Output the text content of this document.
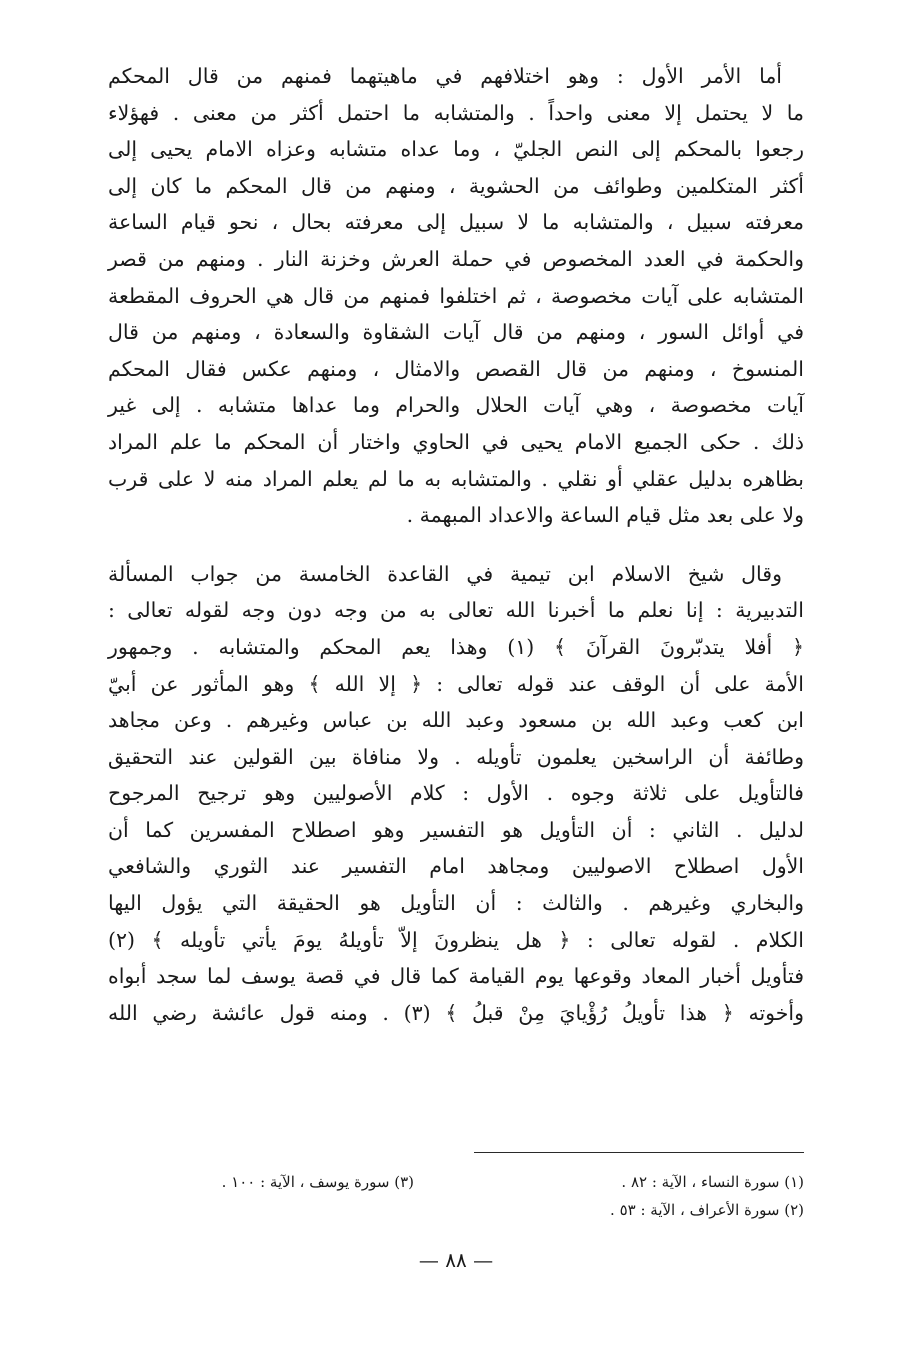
أما الأمر الأول : وهو اختلافهم في ماهيتهما فمنهم من قال المحكم
ما لا يحتمل إلا معنى واحداً . والمتشابه ما احتمل أكثر من معنى . فهؤلاء
رجعوا بالمحكم إلى النص الجليّ ، وما عداه متشابه وعزاه الامام يحيى إلى
أكثر المتكلمين وطوائف من الحشوية ، ومنهم من قال المحكم ما كان إلى
معرفته سبيل ، والمتشابه ما لا سبيل إلى معرفته بحال ، نحو قيام الساعة
والحكمة في العدد المخصوص في حملة العرش وخزنة النار . ومنهم من قصر
المتشابه على آيات مخصوصة ، ثم اختلفوا فمنهم من قال هي الحروف المقطعة
في أوائل السور ، ومنهم من قال آيات الشقاوة والسعادة ، ومنهم من قال
المنسوخ ، ومنهم من قال القصص والامثال ، ومنهم عكس فقال المحكم
آيات مخصوصة ، وهي آيات الحلال والحرام وما عداها متشابه . إلى غير
ذلك . حكى الجميع الامام يحيى في الحاوي واختار أن المحكم ما علم المراد
بظاهره بدليل عقلي أو نقلي . والمتشابه به ما لم يعلم المراد منه لا على قرب
ولا على بعد مثل قيام الساعة والاعداد المبهمة .
وقال شيخ الاسلام ابن تيمية في القاعدة الخامسة من جواب المسألة
التدبيرية : إنا نعلم ما أخبرنا الله تعالى به من وجه دون وجه لقوله تعالى :
﴿ أفلا يتدبّرونَ القرآنَ ﴾ (١) وهذا يعم المحكم والمتشابه . وجمهور
الأمة على أن الوقف عند قوله تعالى : ﴿ إلا الله ﴾ وهو المأثور عن أبيّ
ابن كعب وعبد الله بن مسعود وعبد الله بن عباس وغيرهم . وعن مجاهد
وطائفة أن الراسخين يعلمون تأويله . ولا منافاة بين القولين عند التحقيق
فالتأويل على ثلاثة وجوه . الأول : كلام الأصوليين وهو ترجيح المرجوح
لدليل . الثاني : أن التأويل هو التفسير وهو اصطلاح المفسرين كما أن
الأول اصطلاح الاصوليين ومجاهد امام التفسير عند الثوري والشافعي
والبخاري وغيرهم . والثالث : أن التأويل هو الحقيقة التي يؤول اليها
الكلام . لقوله تعالى : ﴿ هل ينظرونَ إلاّ تأويلهُ يومَ يأتي تأويله ﴾ (٢)
فتأويل أخبار المعاد وقوعها يوم القيامة كما قال في قصة يوسف لما سجد أبواه
وأخوته ﴿ هذا تأويلُ رُؤْيايَ مِنْ قبلُ ﴾ (٣) . ومنه قول عائشة رضي الله
(١) سورة النساء ، الآية : ٨٢ .
(٣) سورة يوسف ، الآية : ١٠٠ .
(٢) سورة الأعراف ، الآية : ٥٣ .
— ٨٨ —
